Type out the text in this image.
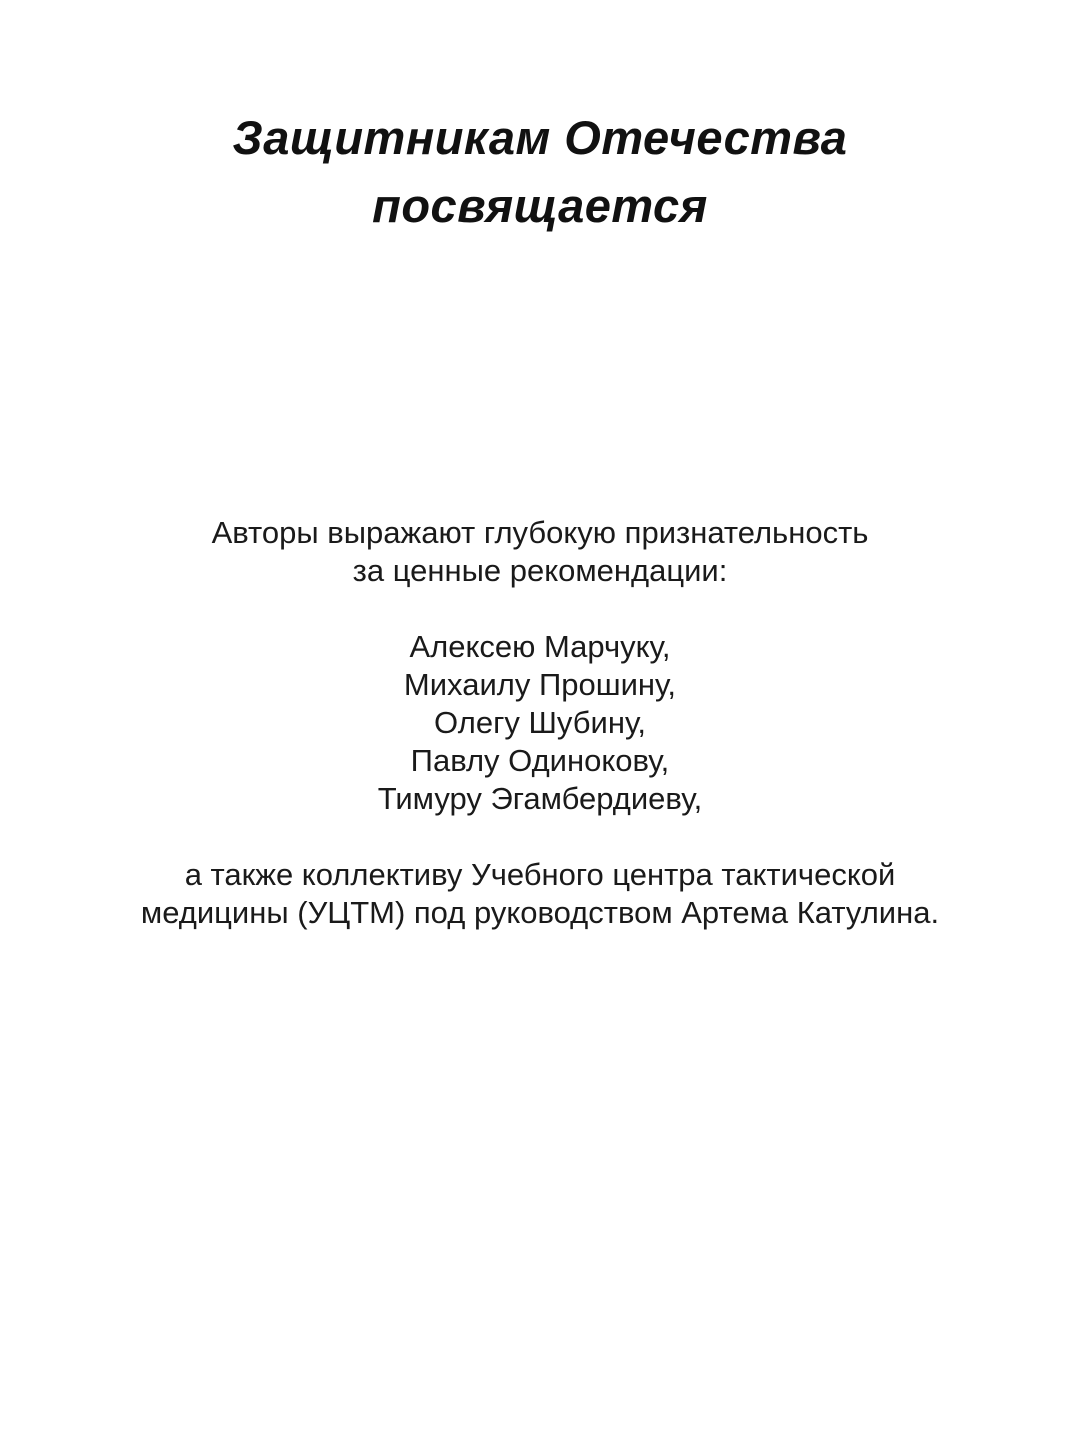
Защитникам Отечества
посвящается
Авторы выражают глубокую признательность
за ценные рекомендации:
Алексею Марчуку,
Михаилу Прошину,
Олегу Шубину,
Павлу Одинокову,
Тимуру Эгамбердиеву,
а также коллективу Учебного центра тактической
медицины (УЦТМ) под руководством Артема Катулина.
